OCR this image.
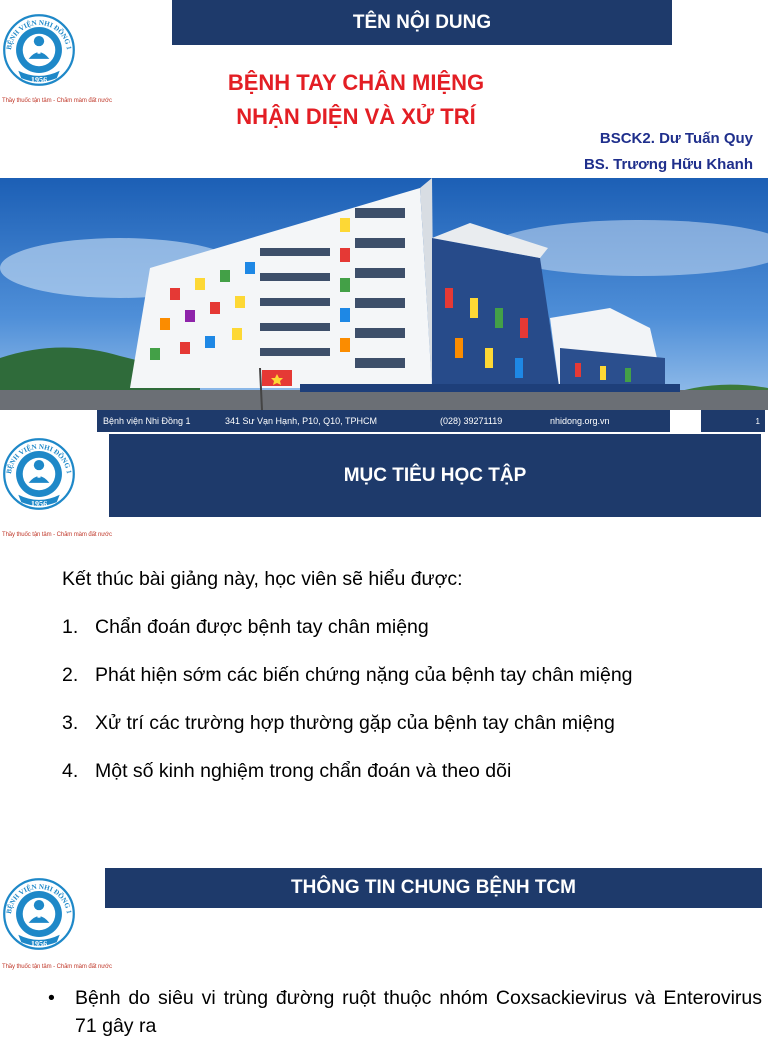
BỆNH VIỆN NHI ĐỒNG 1
1956
Thầy thuốc tận tâm - Chăm màm đất nước
TÊN NỘI DUNG
BỆNH TAY CHÂN MIỆNG
NHẬN DIỆN VÀ XỬ TRÍ
BSCK2. Dư Tuấn Quy
BS. Trương Hữu Khanh
Bệnh viện Nhi Đồng 1	341 Sư Vạn Hạnh, P10, Q10, TPHCM	(028) 39271119	nhidong.org.vn	1
BỆNH VIỆN NHI ĐỒNG 1
1956
Thầy thuốc tận tâm - Chăm màm đất nước
MỤC TIÊU HỌC TẬP
Kết thúc bài giảng này, học viên sẽ hiểu được:
1. Chẩn đoán được bệnh tay chân miệng
2. Phát hiện sớm các biến chứng nặng của bệnh tay chân miệng
3. Xử trí các trường hợp thường gặp của bệnh tay chân miệng
4. Một số kinh nghiệm trong chẩn đoán và theo dõi
BỆNH VIỆN NHI ĐỒNG 1
1956
Thầy thuốc tận tâm - Chăm màm đất nước
THÔNG TIN CHUNG BỆNH TCM
• Bệnh do siêu vi trùng đường ruột thuộc nhóm Coxsackievirus và Enterovirus 71 gây ra
